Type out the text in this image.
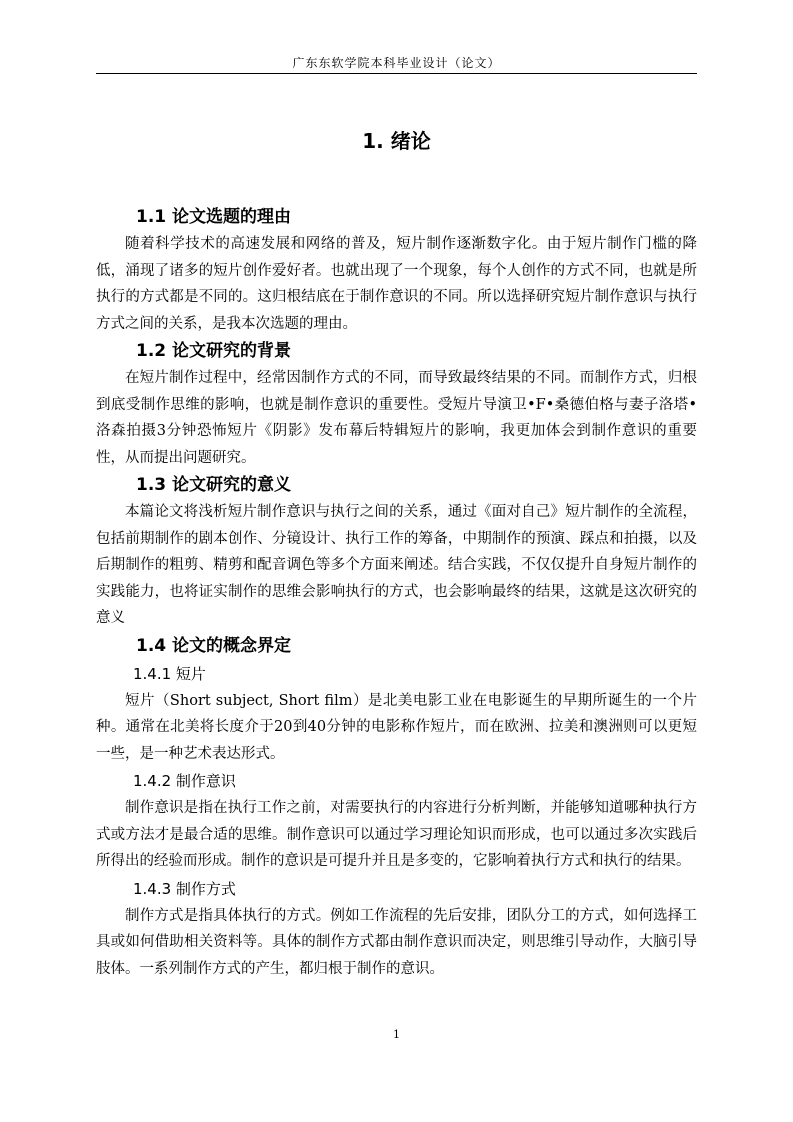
广东东软学院本科毕业设计（论文）
1. 绪论
1.1 论文选题的理由

随着科学技术的高速发展和网络的普及，短片制作逐渐数字化。由于短片制作门槛的降低，涌现了诸多的短片创作爱好者。也就出现了一个现象，每个人创作的方式不同，也就是所执行的方式都是不同的。这归根结底在于制作意识的不同。所以选择研究短片制作意识与执行方式之间的关系，是我本次选题的理由。

1.2 论文研究的背景

在短片制作过程中，经常因制作方式的不同，而导致最终结果的不同。而制作方式，归根到底受制作思维的影响，也就是制作意识的重要性。受短片导演卫•F•桑德伯格与妻子洛塔•洛森拍摄3分钟恐怖短片《阴影》发布幕后特辑短片的影响，我更加体会到制作意识的重要性，从而提出问题研究。

1.3 论文研究的意义

本篇论文将浅析短片制作意识与执行之间的关系，通过《面对自己》短片制作的全流程，包括前期制作的剧本创作、分镜设计、执行工作的筹备，中期制作的预演、踩点和拍摄，以及后期制作的粗剪、精剪和配音调色等多个方面来阐述。结合实践，不仅仅提升自身短片制作的实践能力，也将证实制作的思维会影响执行的方式，也会影响最终的结果，这就是这次研究的意义

1.4 论文的概念界定
1.4.1 短片

短片（Short subject, Short film）是北美电影工业在电影诞生的早期所诞生的一个片种。通常在北美将长度介于20到40分钟的电影称作短片，而在欧洲、拉美和澳洲则可以更短一些，是一种艺术表达形式。

1.4.2 制作意识

制作意识是指在执行工作之前，对需要执行的内容进行分析判断，并能够知道哪种执行方式或方法才是最合适的思维。制作意识可以通过学习理论知识而形成，也可以通过多次实践后所得出的经验而形成。制作的意识是可提升并且是多变的，它影响着执行方式和执行的结果。

1.4.3 制作方式

制作方式是指具体执行的方式。例如工作流程的先后安排，团队分工的方式，如何选择工具或如何借助相关资料等。具体的制作方式都由制作意识而决定，则思维引导动作，大脑引导肢体。一系列制作方式的产生，都归根于制作的意识。

1
